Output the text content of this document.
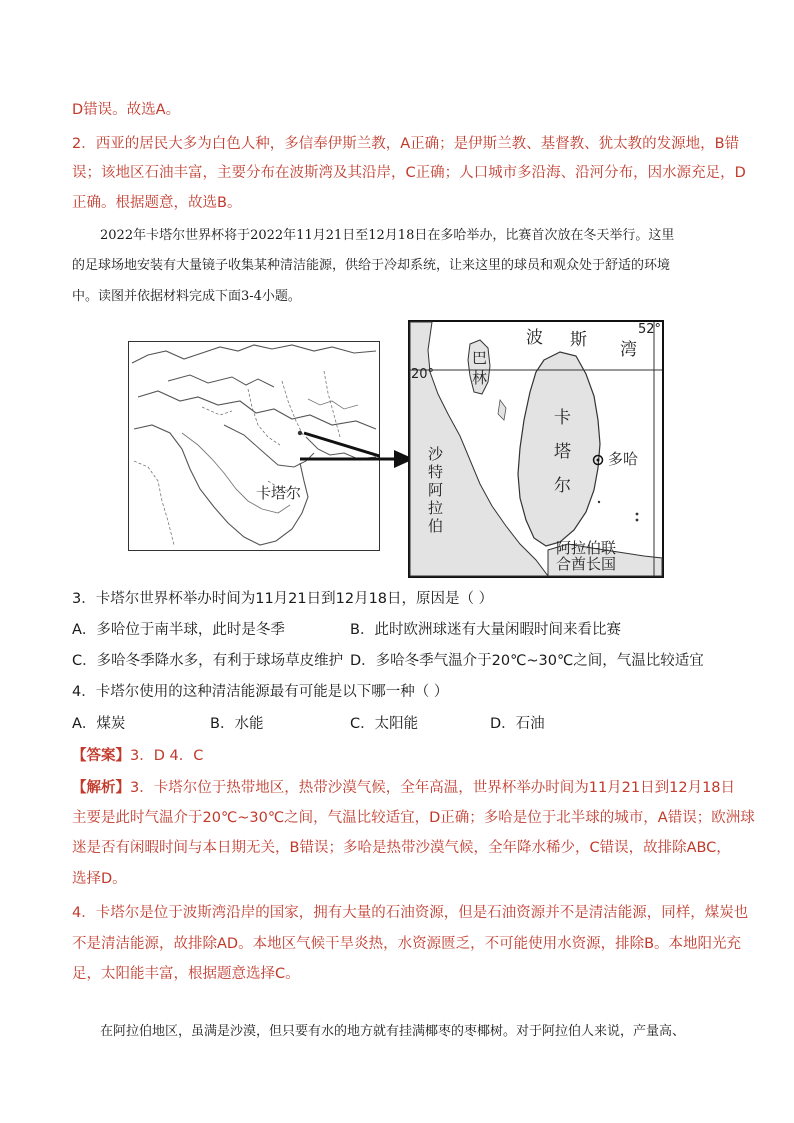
D错误。故选A。
2．西亚的居民大多为白色人种，多信奉伊斯兰教，A正确；是伊斯兰教、基督教、犹太教的发源地，B错
误；该地区石油丰富，主要分布在波斯湾及其沿岸，C正确；人口城市多沿海、沿河分布，因水源充足，D
正确。根据题意，故选B。
2022年卡塔尔世界杯将于2022年11月21日至12月18日在多哈举办，比赛首次放在冬天举行。这里
的足球场地安装有大量镜子收集某种清洁能源，供给于冷却系统，让来这里的球员和观众处于舒适的环境
中。读图并依据材料完成下面3-4小题。
卡塔尔
波 斯 湾
52°
20°
巴
林
卡
塔
尔
多哈
沙
特
阿
拉
伯
阿拉伯联
合酋长国
3．卡塔尔世界杯举办时间为11月21日到12月18日，原因是（ ）
A．多哈位于南半球，此时是冬季	B．此时欧洲球迷有大量闲暇时间来看比赛
C．多哈冬季降水多，有利于球场草皮维护 D．多哈冬季气温介于20℃~30℃之间，气温比较适宜
4．卡塔尔使用的这种清洁能源最有可能是以下哪一种（ ）
A．煤炭	B．水能	C．太阳能	D．石油
【答案】3．D 4．C
【解析】3．卡塔尔位于热带地区，热带沙漠气候，全年高温，世界杯举办时间为11月21日到12月18日
主要是此时气温介于20℃~30℃之间，气温比较适宜，D正确；多哈是位于北半球的城市，A错误；欧洲球
迷是否有闲暇时间与本日期无关，B错误；多哈是热带沙漠气候，全年降水稀少，C错误，故排除ABC，
选择D。
4．卡塔尔是位于波斯湾沿岸的国家，拥有大量的石油资源，但是石油资源并不是清洁能源，同样，煤炭也
不是清洁能源，故排除AD。本地区气候干旱炎热，水资源匮乏，不可能使用水资源，排除B。本地阳光充
足，太阳能丰富，根据题意选择C。
在阿拉伯地区，虽满是沙漠，但只要有水的地方就有挂满椰枣的枣椰树。对于阿拉伯人来说，产量高、
